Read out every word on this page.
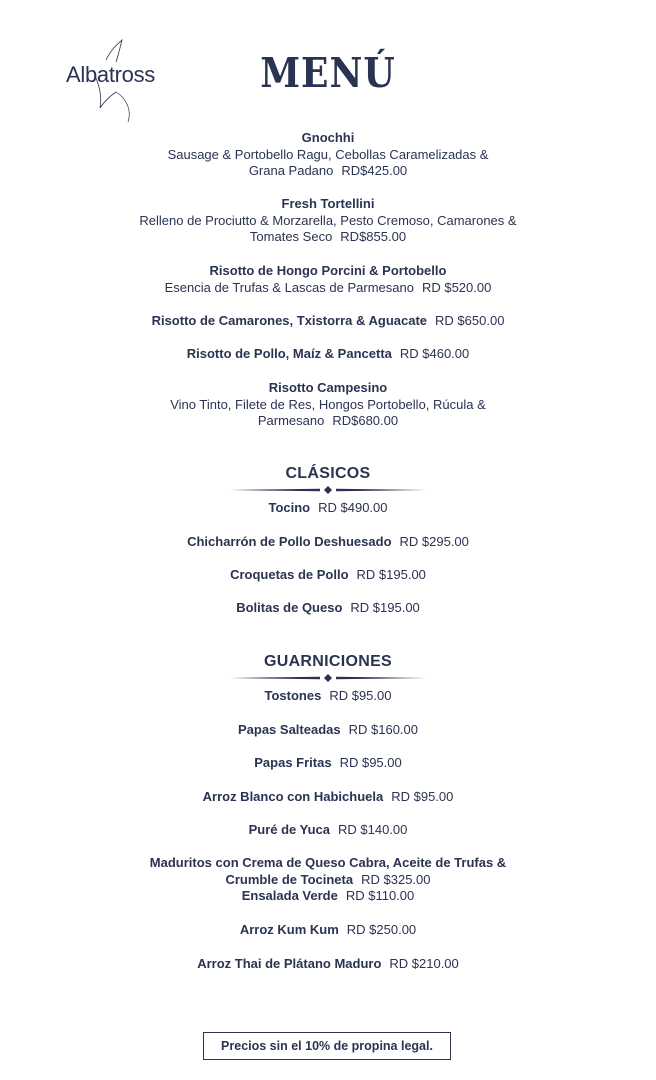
Albatross	MENÚ
Gnochhi
Sausage & Portobello Ragu, Cebollas Caramelizadas &
Grana Padano RD$425.00
Fresh Tortellini
Relleno de Prociutto & Morzarella, Pesto Cremoso, Camarones &
Tomates Seco RD$855.00
Risotto de Hongo Porcini & Portobello
Esencia de Trufas & Lascas de Parmesano RD $520.00
Risotto de Camarones, Txistorra & Aguacate RD $650.00
Risotto de Pollo, Maíz & Pancetta RD $460.00
Risotto Campesino
Vino Tinto, Filete de Res, Hongos Portobello, Rúcula &
Parmesano RD$680.00
CLÁSICOS
Tocino RD $490.00
Chicharrón de Pollo Deshuesado RD $295.00
Croquetas de Pollo RD $195.00
Bolitas de Queso RD $195.00
GUARNICIONES
Tostones RD $95.00
Papas Salteadas RD $160.00
Papas Fritas RD $95.00
Arroz Blanco con Habichuela RD $95.00
Puré de Yuca RD $140.00
Maduritos con Crema de Queso Cabra, Aceite de Trufas &
Crumble de Tocineta RD $325.00
Ensalada Verde RD $110.00
Arroz Kum Kum RD $250.00
Arroz Thai de Plátano Maduro RD $210.00
Precios sin el 10% de propina legal.
